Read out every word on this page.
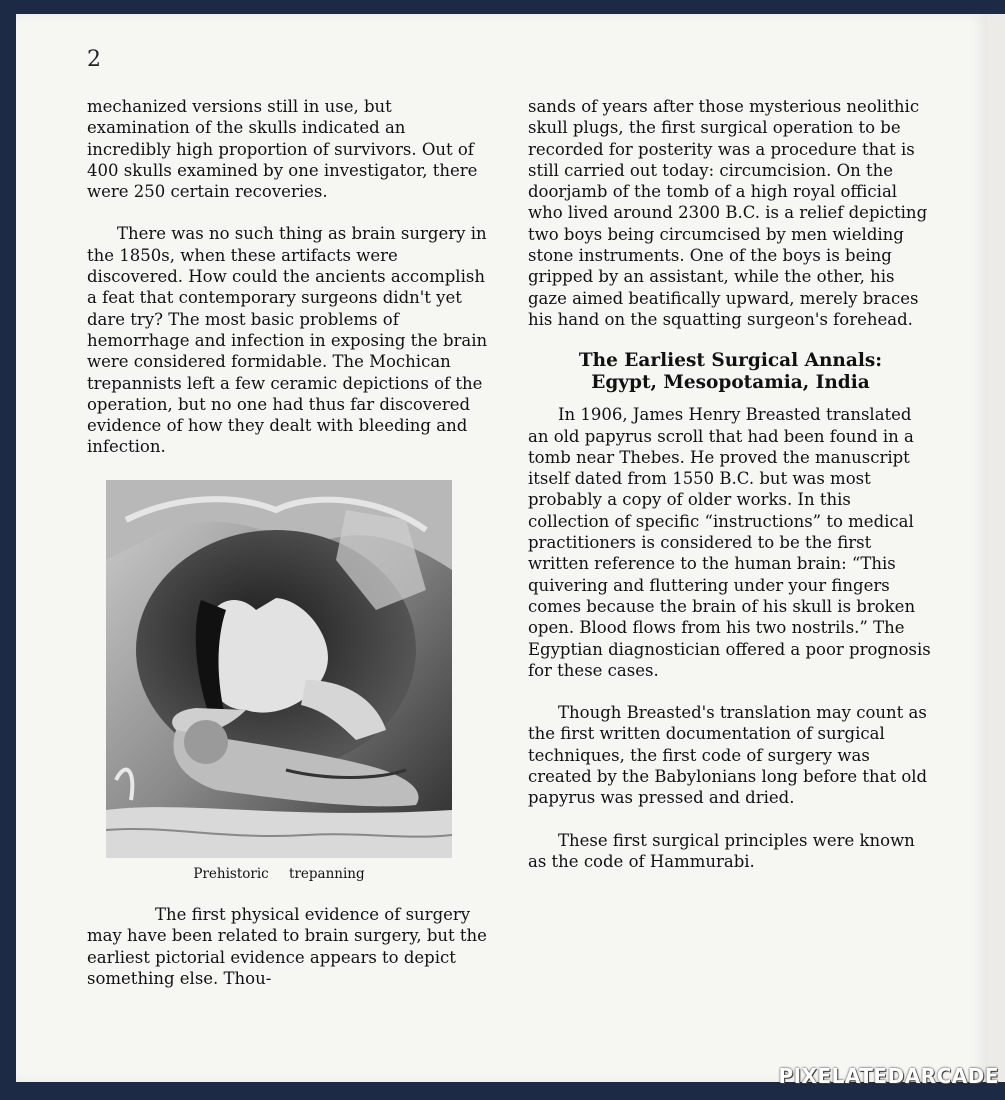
2

mechanized versions still in use, but examination of the skulls indicated an incredibly high proportion of survivors. Out of 400 skulls examined by one investigator, there were 250 certain recoveries.

There was no such thing as brain surgery in the 1850s, when these artifacts were discovered. How could the ancients accomplish a feat that contemporary surgeons didn't yet dare try? The most basic problems of hemorrhage and infection in exposing the brain were considered formidable. The Mochican trepannists left a few ceramic depictions of the operation, but no one had thus far discovered evidence of how they dealt with bleeding and infection.

Prehistoric trepanning

The first physical evidence of surgery may have been related to brain surgery, but the earliest pictorial evidence appears to depict something else. Thou-

sands of years after those mysterious neolithic skull plugs, the first surgical operation to be recorded for posterity was a procedure that is still carried out today: circumcision. On the doorjamb of the tomb of a high royal official who lived around 2300 B.C. is a relief depicting two boys being circumcised by men wielding stone instruments. One of the boys is being gripped by an assistant, while the other, his gaze aimed beatifically upward, merely braces his hand on the squatting surgeon's forehead.

The Earliest Surgical Annals:
Egypt, Mesopotamia, India

In 1906, James Henry Breasted translated an old papyrus scroll that had been found in a tomb near Thebes. He proved the manuscript itself dated from 1550 B.C. but was most probably a copy of older works. In this collection of specific “instructions” to medical practitioners is considered to be the first written reference to the human brain: “This quivering and fluttering under your fingers comes because the brain of his skull is broken open. Blood flows from his two nostrils.” The Egyptian diagnostician offered a poor prognosis for these cases.

Though Breasted's translation may count as the first written documentation of surgical techniques, the first code of surgery was created by the Babylonians long before that old papyrus was pressed and dried.

These first surgical principles were known as the code of Hammurabi.

PIXELATEDARCADE
